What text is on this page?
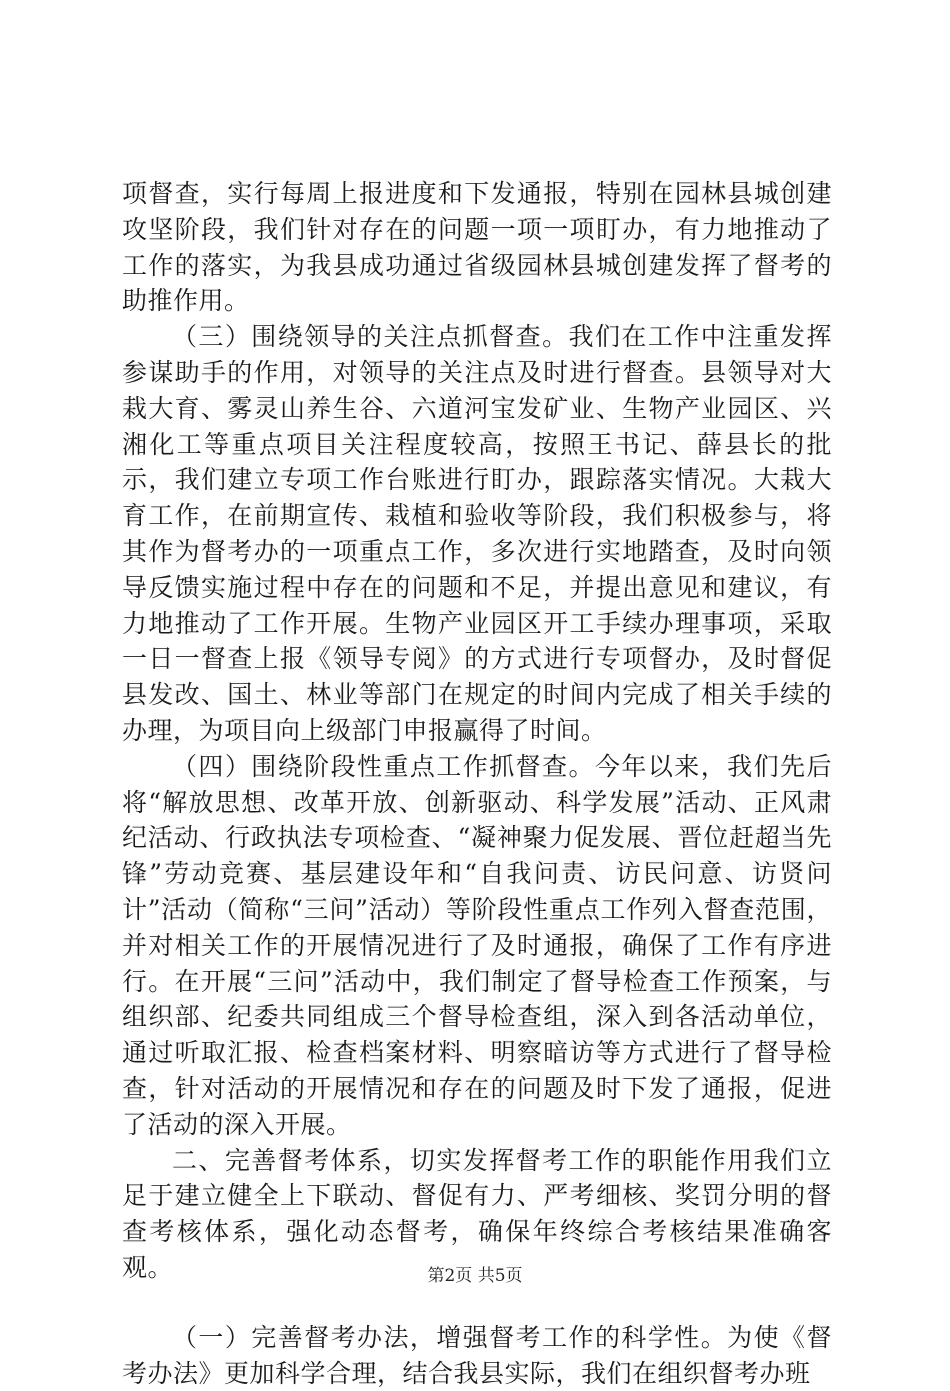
项督查，实行每周上报进度和下发通报，特别在园林县城创建攻坚阶段，我们针对存在的问题一项一项盯办，有力地推动了工作的落实，为我县成功通过省级园林县城创建发挥了督考的助推作用。

（三）围绕领导的关注点抓督查。我们在工作中注重发挥参谋助手的作用，对领导的关注点及时进行督查。县领导对大栽大育、雾灵山养生谷、六道河宝发矿业、生物产业园区、兴湘化工等重点项目关注程度较高，按照王书记、薛县长的批示，我们建立专项工作台账进行盯办，跟踪落实情况。大栽大育工作，在前期宣传、栽植和验收等阶段，我们积极参与，将其作为督考办的一项重点工作，多次进行实地踏查，及时向领导反馈实施过程中存在的问题和不足，并提出意见和建议，有力地推动了工作开展。生物产业园区开工手续办理事项，采取一日一督查上报《领导专阅》的方式进行专项督办，及时督促县发改、国土、林业等部门在规定的时间内完成了相关手续的办理，为项目向上级部门申报赢得了时间。

（四）围绕阶段性重点工作抓督查。今年以来，我们先后将“解放思想、改革开放、创新驱动、科学发展”活动、正风肃纪活动、行政执法专项检查、“凝神聚力促发展、晋位赶超当先锋”劳动竞赛、基层建设年和“自我问责、访民问意、访贤问计”活动（简称“三问”活动）等阶段性重点工作列入督查范围，并对相关工作的开展情况进行了及时通报，确保了工作有序进行。在开展“三问”活动中，我们制定了督导检查工作预案，与组织部、纪委共同组成三个督导检查组，深入到各活动单位，通过听取汇报、检查档案材料、明察暗访等方式进行了督导检查，针对活动的开展情况和存在的问题及时下发了通报，促进了活动的深入开展。

二、完善督考体系，切实发挥督考工作的职能作用我们立足于建立健全上下联动、督促有力、严考细核、奖罚分明的督查考核体系，强化动态督考，确保年终综合考核结果准确客观。

（一）完善督考办法，增强督考工作的科学性。为使《督考办法》更加科学合理，结合我县实际，我们在组织督考办班

第2页 共5页
